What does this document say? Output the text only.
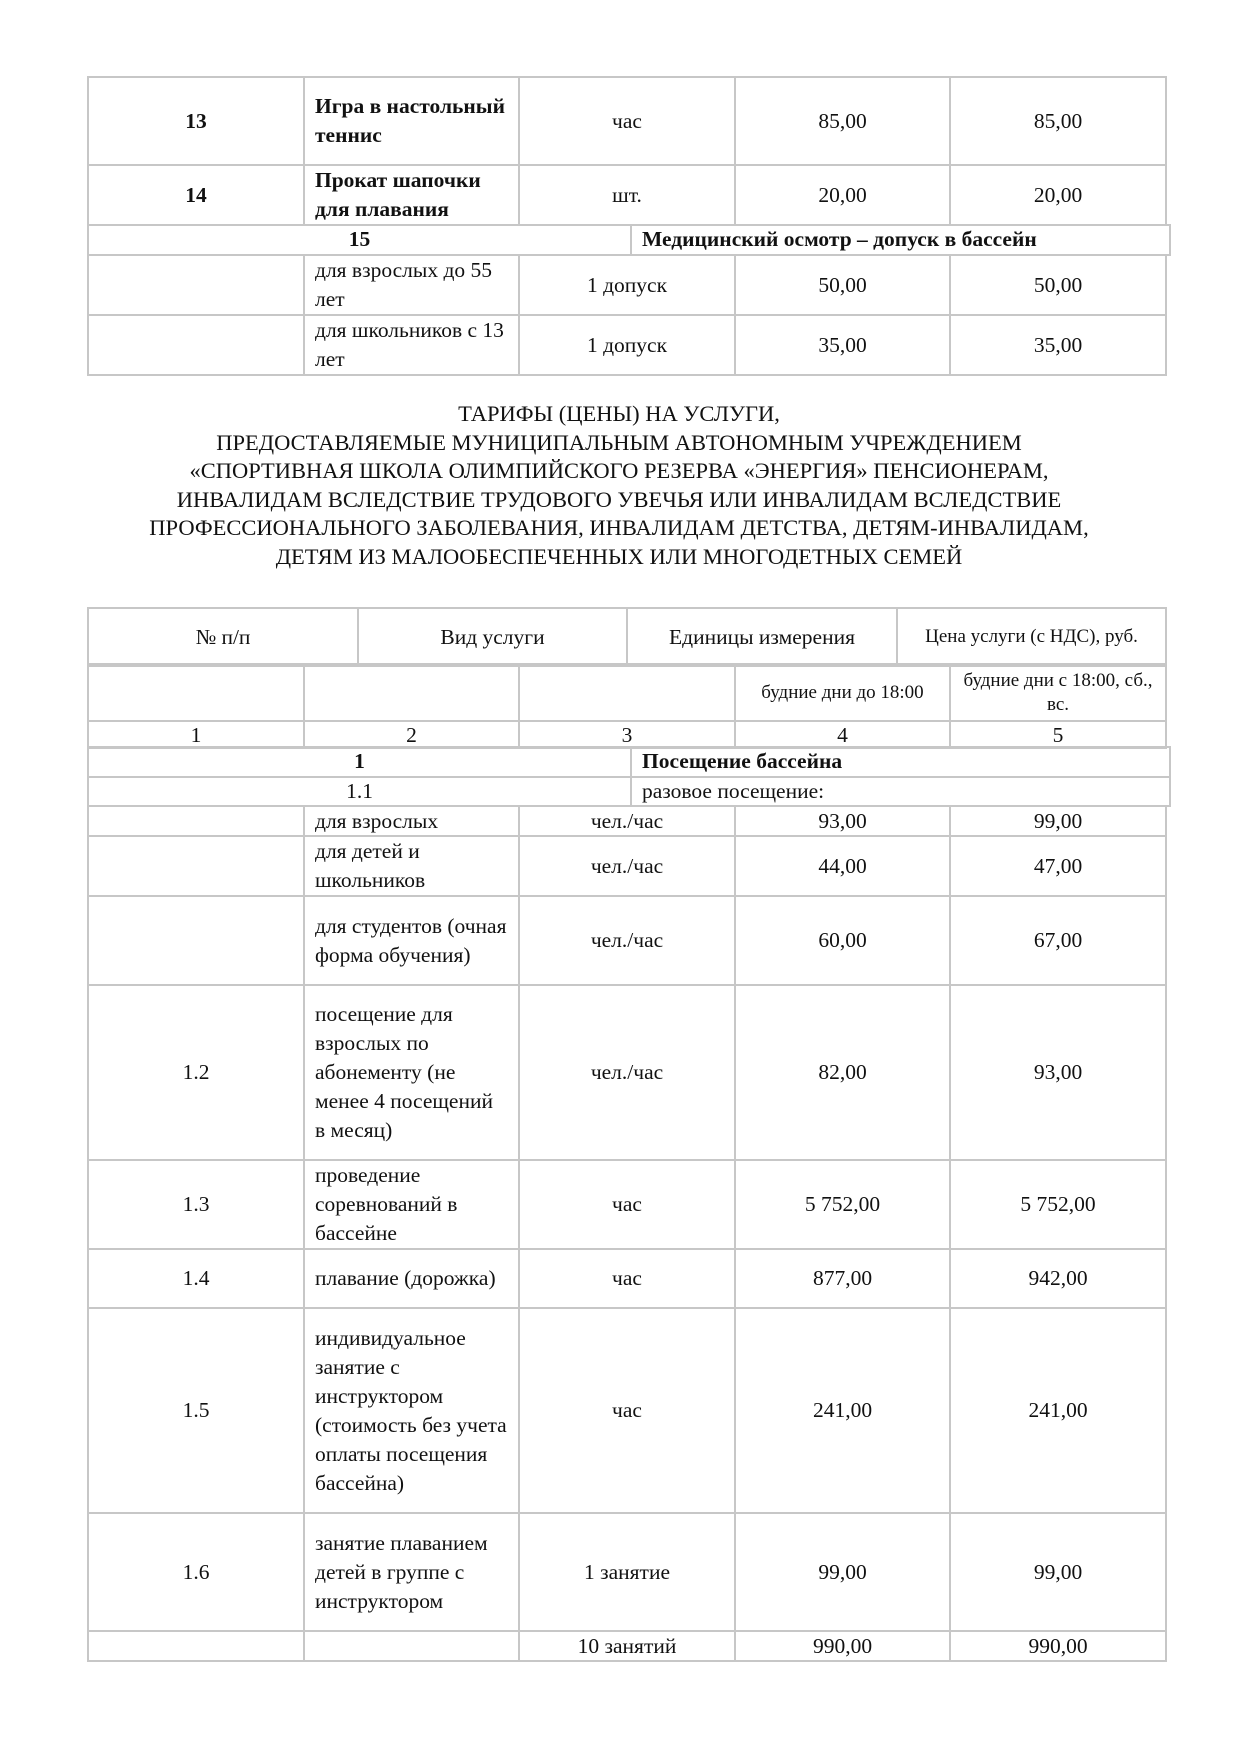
13	Игра в настольный теннис	час	85,00	85,00
14	Прокат шапочки для плавания	шт.	20,00	20,00
15	Медицинский осмотр – допуск в бассейн
	для взрослых до 55 лет	1 допуск	50,00	50,00
	для школьников с 13 лет	1 допуск	35,00	35,00
ТАРИФЫ (ЦЕНЫ) НА УСЛУГИ,
ПРЕДОСТАВЛЯЕМЫЕ МУНИЦИПАЛЬНЫМ АВТОНОМНЫМ УЧРЕЖДЕНИЕМ
«СПОРТИВНАЯ ШКОЛА ОЛИМПИЙСКОГО РЕЗЕРВА «ЭНЕРГИЯ» ПЕНСИОНЕРАМ,
ИНВАЛИДАМ ВСЛЕДСТВИЕ ТРУДОВОГО УВЕЧЬЯ ИЛИ ИНВАЛИДАМ ВСЛЕДСТВИЕ
ПРОФЕССИОНАЛЬНОГО ЗАБОЛЕВАНИЯ, ИНВАЛИДАМ ДЕТСТВА, ДЕТЯМ-ИНВАЛИДАМ,
ДЕТЯМ ИЗ МАЛООБЕСПЕЧЕННЫХ ИЛИ МНОГОДЕТНЫХ СЕМЕЙ
№ п/п	Вид услуги	Единицы измерения	Цена услуги (с НДС), руб.
			будние дни до 18:00	будние дни с 18:00, сб., вс.
1	2	3	4	5
1	Посещение бассейна
1.1	разовое посещение:
	для взрослых	чел./час	93,00	99,00
	для детей и школьников	чел./час	44,00	47,00
	для студентов (очная форма обучения)	чел./час	60,00	67,00
1.2	посещение для взрослых по абонементу (не менее 4 посещений в месяц)	чел./час	82,00	93,00
1.3	проведение соревнований в бассейне	час	5 752,00	5 752,00
1.4	плавание (дорожка)	час	877,00	942,00
1.5	индивидуальное занятие с инструктором (стоимость без учета оплаты посещения бассейна)	час	241,00	241,00
1.6	занятие плаванием детей в группе с инструктором	1 занятие	99,00	99,00
		10 занятий	990,00	990,00
